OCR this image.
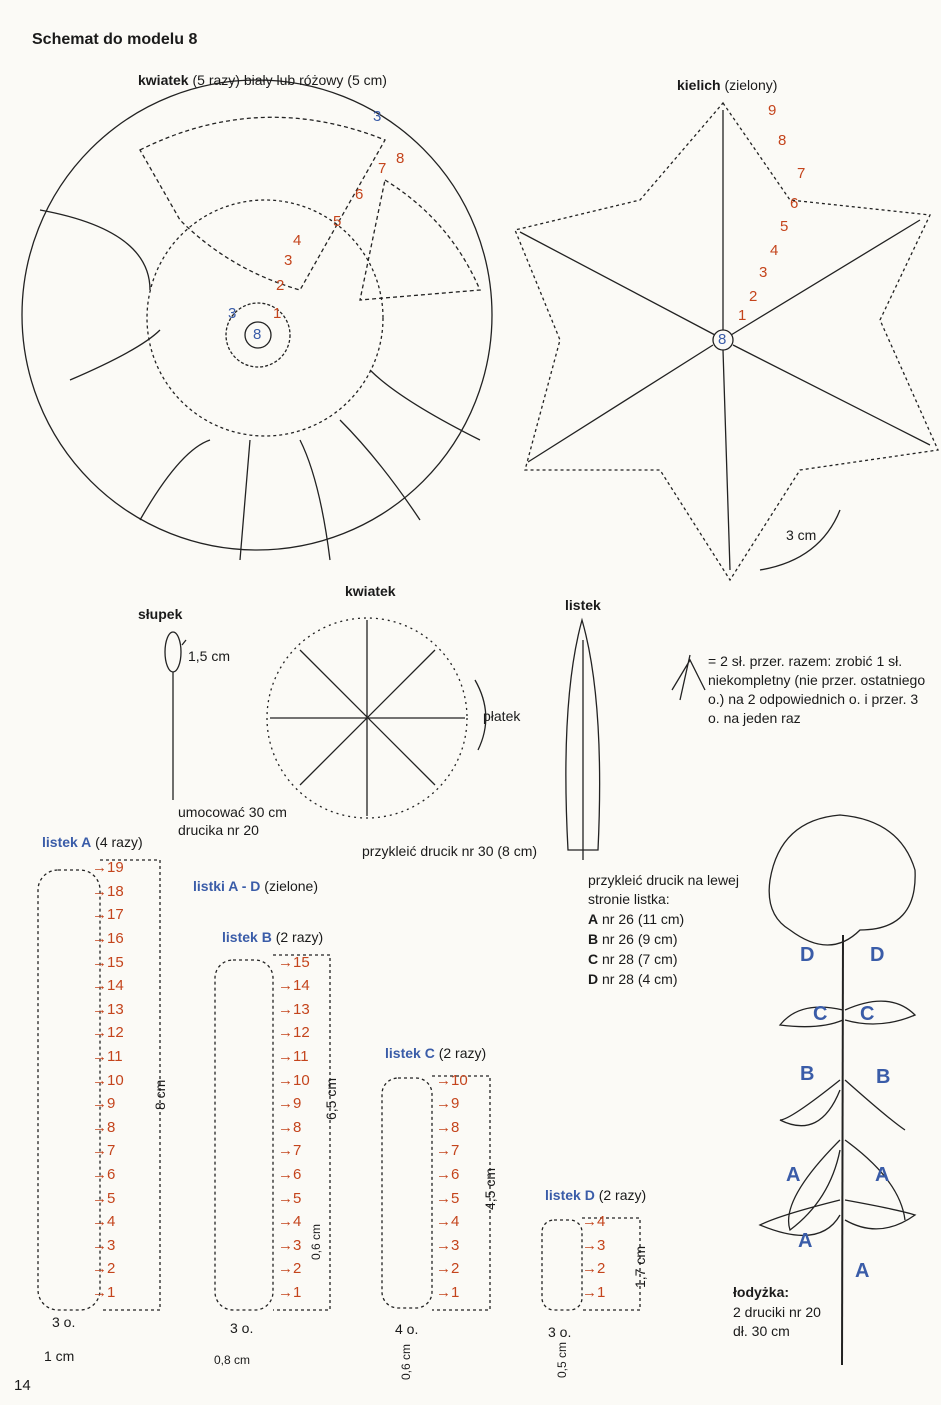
Schemat do modelu 8
kwiatek (5 razy) biały lub różowy (5 cm)
1
2
3
4
5
6
7
8
3
3
8
kielich (zielony)
1
2
3
4
5
6
7
8
9
8
3 cm
słupek
1,5 cm
umocować 30 cm
drucika nr 20
kwiatek
płatek
przykleić drucik nr 30 (8 cm)
listek
przykleić drucik na lewej
stronie listka:
A nr 26 (11 cm)
B nr 26 (9 cm)
C nr 28 (7 cm)
D nr 28 (4 cm)
= 2 sł. przer. razem: zrobić 1 sł. niekompletny (nie przer. ostatniego o.) na 2 odpowiednich o. i przer. 3 o. na jeden raz
listki A - D (zielone)
listek A (4 razy)
→1
→2
→3
→4
→5
→6
→7
→8
→9
→10
→11
→12
→13
→14
→15
→16
→17
→18
→19
8 cm
3 o.
1 cm
listek B (2 razy)
→1
→2
→3
→4
→5
→6
→7
→8
→9
→10
→11
→12
→13
→14
→15
6,5 cm
0,6 cm
3 o.
0,8 cm
listek C (2 razy)
→1
→2
→3
→4
→5
→6
→7
→8
→9
→10
4,5 cm
4 o.
0,6 cm
listek D (2 razy)
→1
→2
→3
→4
1,7 cm
3 o.
0,5 cm
D	D
C C
B	B
A	A
A
A
łodyżka:
2 druciki nr 20
dł. 30 cm
14
